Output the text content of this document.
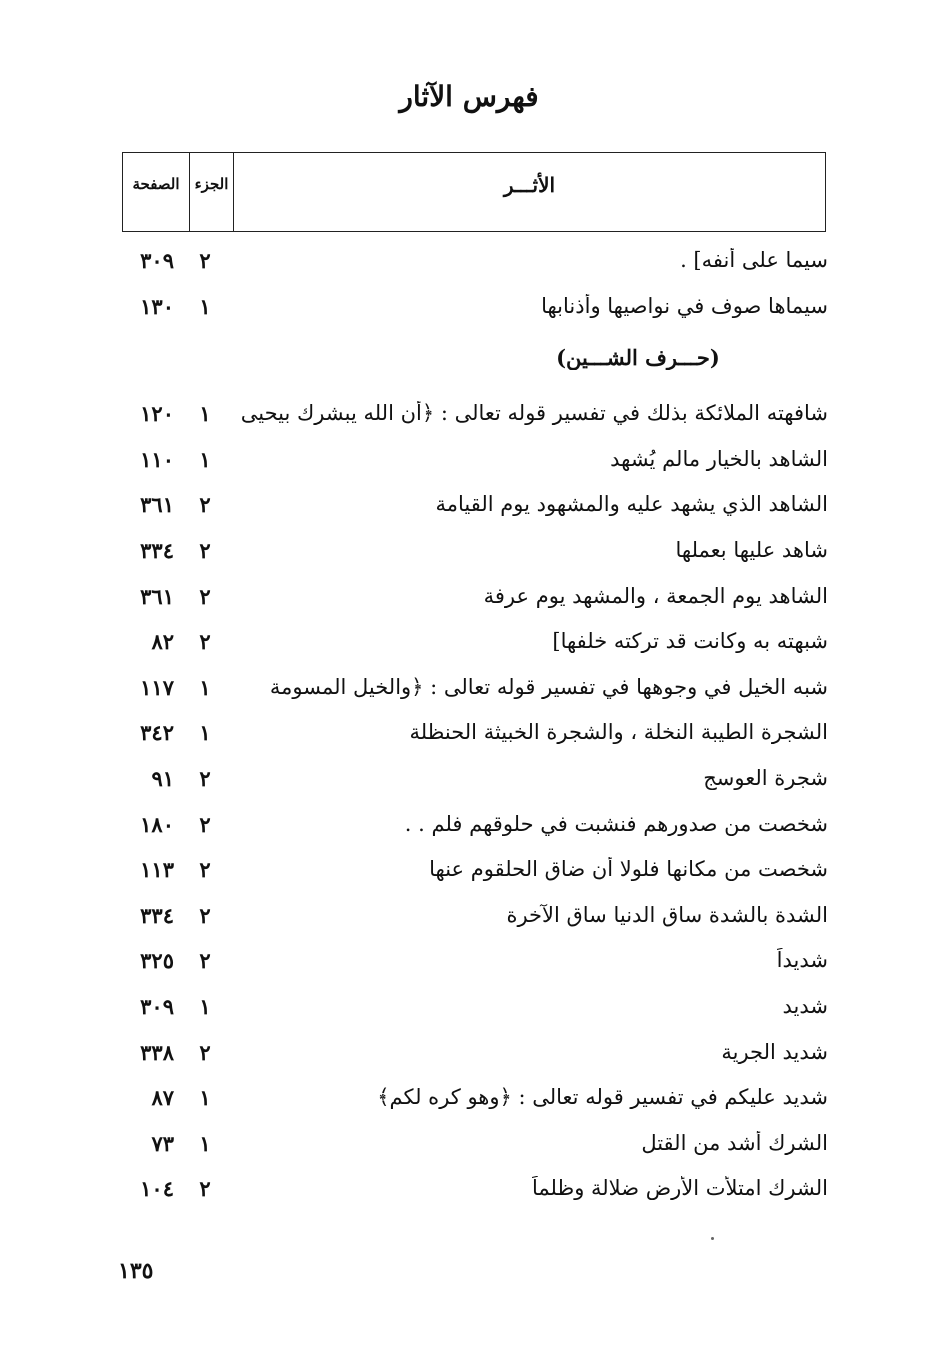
فهرس الآثار
الأثـــر
الجزء
الصفحة
سيما على أنفه] .
٢
٣٠٩
سيماها صوف في نواصيها وأذنابها
١
١٣٠
(حـــرف الشـــين)
شافهته الملائكة بذلك في تفسير قوله تعالى : ﴿أن الله يبشرك بيحيى
١
١٢٠
الشاهد بالخيار مالم يُشهد
١
١١٠
الشاهد الذي يشهد عليه والمشهود يوم القيامة
٢
٣٦١
شاهد عليها بعملها
٢
٣٣٤
الشاهد يوم الجمعة ، والمشهد يوم عرفة
٢
٣٦١
شبهته به وكانت قد تركته خلفها]
٢
٨٢
شبه الخيل في وجوهها في تفسير قوله تعالى : ﴿والخيل المسومة
١
١١٧
الشجرة الطيبة النخلة ، والشجرة الخبيثة الحنظلة
١
٣٤٢
شجرة العوسج
٢
٩١
شخصت من صدورهم فنشبت في حلوقهم فلم . .
٢
١٨٠
شخصت من مكانها فلولا أن ضاق الحلقوم عنها
٢
١١٣
الشدة بالشدة ساق الدنيا ساق الآخرة
٢
٣٣٤
شديداً
٢
٣٢٥
شديد
١
٣٠٩
شديد الجرية
٢
٣٣٨
شديد عليكم في تفسير قوله تعالى : ﴿وهو كره لكم﴾
١
٨٧
الشرك أشد من القتل
١
٧٣
الشرك امتلأت الأرض ضلالة وظلماً
٢
١٠٤
١٣٥
